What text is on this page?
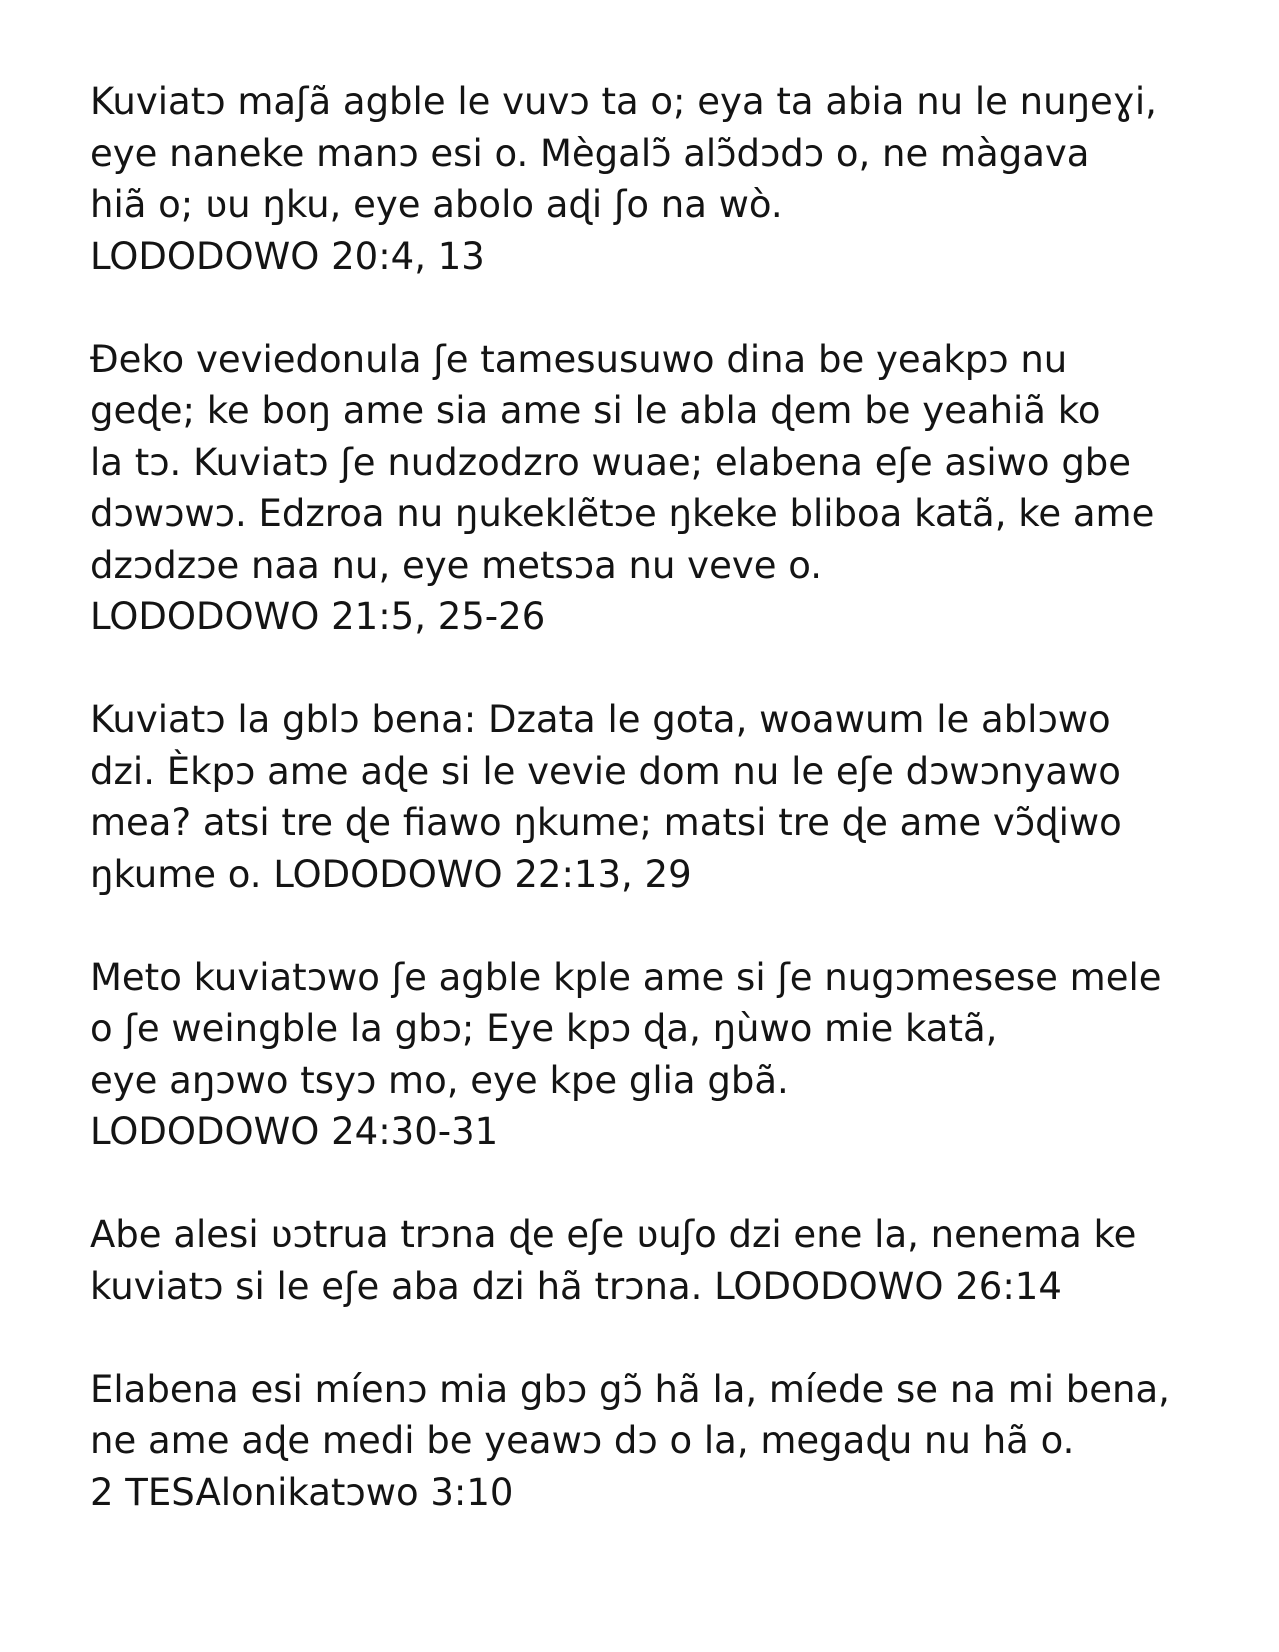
Kuviatɔ maʃã agble le vuvɔ ta o; eya ta abia nu le nuŋeɣi,
eye naneke manɔ esi o. Mègalɔ̃ alɔ̃dɔdɔ o, ne màgava
hiã o; ʋu ŋku, eye abolo aɖi ʃo na wò.
LODODOWO 20:4, 13
Đeko veviedonula ʃe tamesusuwo dina be yeakpɔ nu
geɖe; ke boŋ ame sia ame si le abla ɖem be yeahiã ko
la tɔ. Kuviatɔ ʃe nudzodzro wuae; elabena eʃe asiwo gbe
dɔwɔwɔ. Edzroa nu ŋukeklẽtɔe ŋkeke bliboa katã, ke ame
dzɔdzɔe naa nu, eye metsɔa nu veve o.
LODODOWO 21:5, 25-26
Kuviatɔ la gblɔ bena: Dzata le gota, woawum le ablɔwo
dzi. Èkpɔ ame aɖe si le vevie dom nu le eʃe dɔwɔnyawo
mea? atsi tre ɖe fiawo ŋkume; matsi tre ɖe ame vɔ̃ɖiwo
ŋkume o. LODODOWO 22:13, 29
Meto kuviatɔwo ʃe agble kple ame si ʃe nugɔmesese mele
o ʃe weingble la gbɔ; Eye kpɔ ɖa, ŋùwo mie katã,
eye aŋɔwo tsyɔ mo, eye kpe glia gbã.
LODODOWO 24:30-31
Abe alesi ʋɔtrua trɔna ɖe eʃe ʋuʃo dzi ene la, nenema ke
kuviatɔ si le eʃe aba dzi hã trɔna. LODODOWO 26:14
Elabena esi míenɔ mia gbɔ gɔ̃ hã la, míede se na mi bena,
ne ame aɖe medi be yeawɔ dɔ o la, megaɖu nu hã o.
2 TESAlonikatɔwo 3:10
